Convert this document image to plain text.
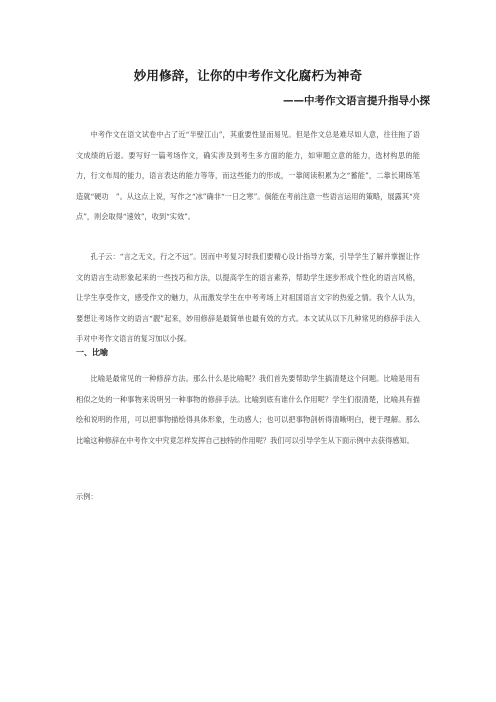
妙用修辞，让你的中考作文化腐朽为神奇
——中考作文语言提升指导小探
中考作文在语文试卷中占了近“半壁江山”，其重要性显而易见。但是作文总是难尽如人意，往往拖了语文成绩的后退。要写好一篇考场作文，确实涉及到考生多方面的能力，如审题立意的能力，选材构思的能力，行文布局的能力，语言表达的能力等等，而这些能力的形成，一靠阅读积累为之“蓄能”，二靠长期练笔造就“硬功　”。从这点上说，写作之“冰”确非“一日之寒”。倘能在考前注意一些语言运用的策略，展露其“亮点”，则会取得“速效”，收到“实效”。
孔子云：“言之无文，行之不远”。因而中考复习时我们要精心设计指导方案，引导学生了解并掌握让作文的语言生动形象起来的一些技巧和方法，以提高学生的语言素养，帮助学生逐步形成个性化的语言风格，让学生享受作文，感受作文的魅力，从而激发学生在中考考场上对祖国语言文字的热爱之情。我个人认为，要想让考场作文的语言“靓”起来，妙用修辞是最简单也最有效的方式。本文试从以下几种常见的修辞手法入手对中考作文语言的复习加以小探。
一、比喻
比喻是最常见的一种修辞方法。那么什么是比喻呢？我们首先要帮助学生搞清楚这个问题。比喻是用有相似之处的一种事物来说明另一种事物的修辞手法。比喻到底有谁什么作用呢？学生们很清楚，比喻具有描绘和说明的作用，可以把事物描绘得具体形象，生动感人；也可以把事物剖析得清晰明白，便于理解。那么比喻这种修辞在中考作文中究竟怎样发挥自己独特的作用呢？我们可以引导学生从下面示例中去获得感知。
示例：
